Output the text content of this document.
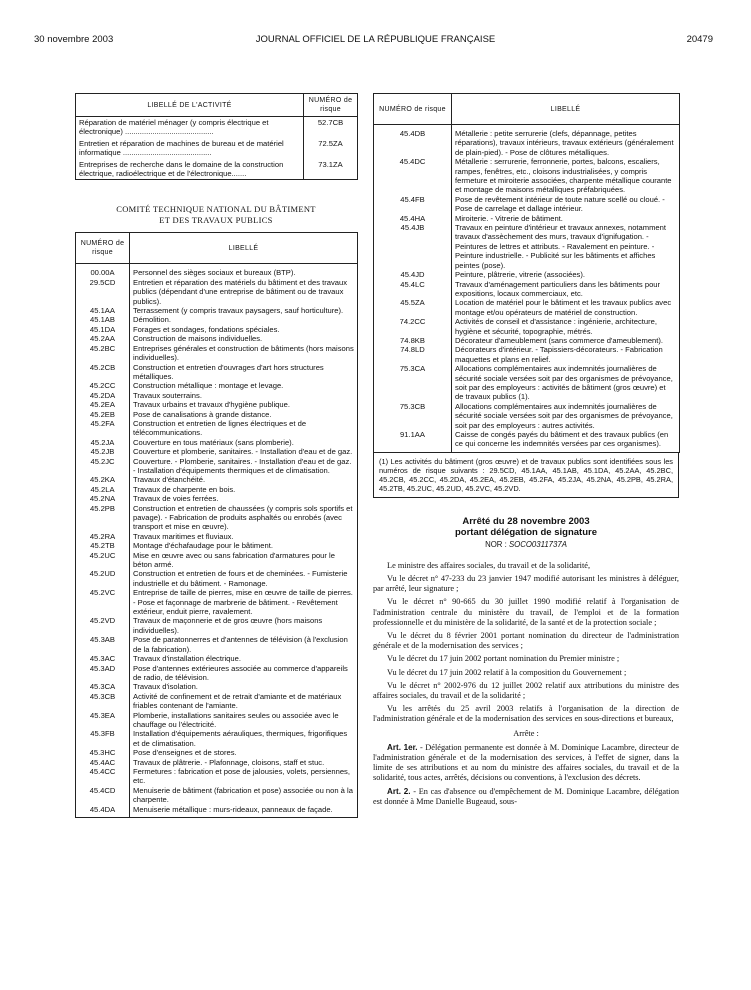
30 novembre 2003	JOURNAL OFFICIEL DE LA RÉPUBLIQUE FRANÇAISE	20479
LIBELLÉ DE L'ACTIVITÉ	NUMÉRO de risque
Réparation de matériel ménager (y compris électrique et électronique) ..........................................	52.7CB
Entretien et réparation de machines de bureau et de matériel informatique ..........................................	72.5ZA
Entreprises de recherche dans le domaine de la construction électrique, radioélectrique et de l'électronique.......	73.1ZA
COMITÉ TECHNIQUE NATIONAL DU BÂTIMENT
ET DES TRAVAUX PUBLICS
NUMÉRO de risque	LIBELLÉ
00.00A	Personnel des sièges sociaux et bureaux (BTP).
29.5CD	Entretien et réparation des matériels du bâtiment et des travaux publics (dépendant d'une entreprise de bâtiment ou de travaux publics).
45.1AA	Terrassement (y compris travaux paysagers, sauf horticulture).
45.1AB	Démolition.
45.1DA	Forages et sondages, fondations spéciales.
45.2AA	Construction de maisons individuelles.
45.2BC	Entreprises générales et construction de bâtiments (hors maisons individuelles).
45.2CB	Construction et entretien d'ouvrages d'art hors structures métalliques.
45.2CC	Construction métallique : montage et levage.
45.2DA	Travaux souterrains.
45.2EA	Travaux urbains et travaux d'hygiène publique.
45.2EB	Pose de canalisations à grande distance.
45.2FA	Construction et entretien de lignes électriques et de télécommunications.
45.2JA	Couverture en tous matériaux (sans plomberie).
45.2JB	Couverture et plomberie, sanitaires. - Installation d'eau et de gaz.
45.2JC	Couverture. - Plomberie, sanitaires. - Installation d'eau et de gaz. - Installation d'équipements thermiques et de climatisation.
45.2KA	Travaux d'étanchéité.
45.2LA	Travaux de charpente en bois.
45.2NA	Travaux de voies ferrées.
45.2PB	Construction et entretien de chaussées (y compris sols sportifs et pavage). - Fabrication de produits asphaltés ou enrobés (avec transport et mise en œuvre).
45.2RA	Travaux maritimes et fluviaux.
45.2TB	Montage d'échafaudage pour le bâtiment.
45.2UC	Mise en œuvre avec ou sans fabrication d'armatures pour le béton armé.
45.2UD	Construction et entretien de fours et de cheminées. - Fumisterie industrielle et du bâtiment. - Ramonage.
45.2VC	Entreprise de taille de pierres, mise en œuvre de taille de pierres. - Pose et façonnage de marbrerie de bâtiment. - Revêtement extérieur, enduit pierre, ravalement.
45.2VD	Travaux de maçonnerie et de gros œuvre (hors maisons individuelles).
45.3AB	Pose de paratonnerres et d'antennes de télévision (à l'exclusion de la fabrication).
45.3AC	Travaux d'installation électrique.
45.3AD	Pose d'antennes extérieures associée au commerce d'appareils de radio, de télévision.
45.3CA	Travaux d'isolation.
45.3CB	Activité de confinement et de retrait d'amiante et de matériaux friables contenant de l'amiante.
45.3EA	Plomberie, installations sanitaires seules ou associée avec le chauffage ou l'électricité.
45.3FB	Installation d'équipements aérauliques, thermiques, frigorifiques et de climatisation.
45.3HC	Pose d'enseignes et de stores.
45.4AC	Travaux de plâtrerie. - Plafonnage, cloisons, staff et stuc.
45.4CC	Fermetures : fabrication et pose de jalousies, volets, persiennes, etc.
45.4CD	Menuiserie de bâtiment (fabrication et pose) associée ou non à la charpente.
45.4DA	Menuiserie métallique : murs-rideaux, panneaux de façade.
NUMÉRO de risque	LIBELLÉ
45.4DB	Métallerie : petite serrurerie (clefs, dépannage, petites réparations), travaux intérieurs, travaux extérieurs (généralement de plain-pied). - Pose de clôtures métalliques.
45.4DC	Métallerie : serrurerie, ferronnerie, portes, balcons, escaliers, rampes, fenêtres, etc., cloisons industrialisées, y compris fermeture et miroiterie associées, charpente métallique courante et montage de maisons métalliques préfabriquées.
45.4FB	Pose de revêtement intérieur de toute nature scellé ou cloué. - Pose de carrelage et dallage intérieur.
45.4HA	Miroiterie. - Vitrerie de bâtiment.
45.4JB	Travaux en peinture d'intérieur et travaux annexes, notamment travaux d'assèchement des murs, travaux d'ignifugation. - Peintures de lettres et attributs. - Ravalement en peinture. - Peinture industrielle. - Publicité sur les bâtiments et affiches peintes (pose).
45.4JD	Peinture, plâtrerie, vitrerie (associées).
45.4LC	Travaux d'aménagement particuliers dans les bâtiments pour expositions, locaux commerciaux, etc.
45.5ZA	Location de matériel pour le bâtiment et les travaux publics avec montage et/ou opérateurs de matériel de construction.
74.2CC	Activités de conseil et d'assistance : ingénierie, architecture, hygiène et sécurité, topographie, métrés.
74.8KB	Décorateur d'ameublement (sans commerce d'ameublement).
74.8LD	Décorateurs d'intérieur. - Tapissiers-décorateurs. - Fabrication maquettes et plans en relief.
75.3CA	Allocations complémentaires aux indemnités journalières de sécurité sociale versées soit par des organismes de prévoyance, soit par des employeurs : activités de bâtiment (gros œuvre) et de travaux publics (1).
75.3CB	Allocations complémentaires aux indemnités journalières de sécurité sociale versées soit par des organismes de prévoyance, soit par des employeurs : autres activités.
91.1AA	Caisse de congés payés du bâtiment et des travaux publics (en ce qui concerne les indemnités versées par ces organismes).
(1) Les activités du bâtiment (gros œuvre) et de travaux publics sont identifiées sous les numéros de risque suivants : 29.5CD, 45.1AA, 45.1AB, 45.1DA, 45.2AA, 45.2BC, 45.2CB, 45.2CC, 45.2DA, 45.2EA, 45.2EB, 45.2FA, 45.2JA, 45.2NA, 45.2PB, 45.2RA, 45.2TB, 45.2UC, 45.2UD, 45.2VC, 45.2VD.
Arrêté du 28 novembre 2003
portant délégation de signature
NOR : SOCO0311737A

Le ministre des affaires sociales, du travail et de la solidarité,

Vu le décret n° 47-233 du 23 janvier 1947 modifié autorisant les ministres à déléguer, par arrêté, leur signature ;

Vu le décret n° 90-665 du 30 juillet 1990 modifié relatif à l'organisation de l'administration centrale du ministère du travail, de l'emploi et de la formation professionnelle et du ministère de la solidarité, de la santé et de la protection sociale ;

Vu le décret du 8 février 2001 portant nomination du directeur de l'administration générale et de la modernisation des services ;

Vu le décret du 17 juin 2002 portant nomination du Premier ministre ;

Vu le décret du 17 juin 2002 relatif à la composition du Gouvernement ;

Vu le décret n° 2002-976 du 12 juillet 2002 relatif aux attributions du ministre des affaires sociales, du travail et de la solidarité ;

Vu les arrêtés du 25 avril 2003 relatifs à l'organisation de la direction de l'administration générale et de la modernisation des services en sous-directions et bureaux,

Arrête :

Art. 1er. - Délégation permanente est donnée à M. Dominique Lacambre, directeur de l'administration générale et de la modernisation des services, à l'effet de signer, dans la limite de ses attributions et au nom du ministre des affaires sociales, du travail et de la solidarité, tous actes, arrêtés, décisions ou conventions, à l'exclusion des décrets.

Art. 2. - En cas d'absence ou d'empêchement de M. Dominique Lacambre, délégation est donnée à Mme Danielle Bugeaud, sous-
